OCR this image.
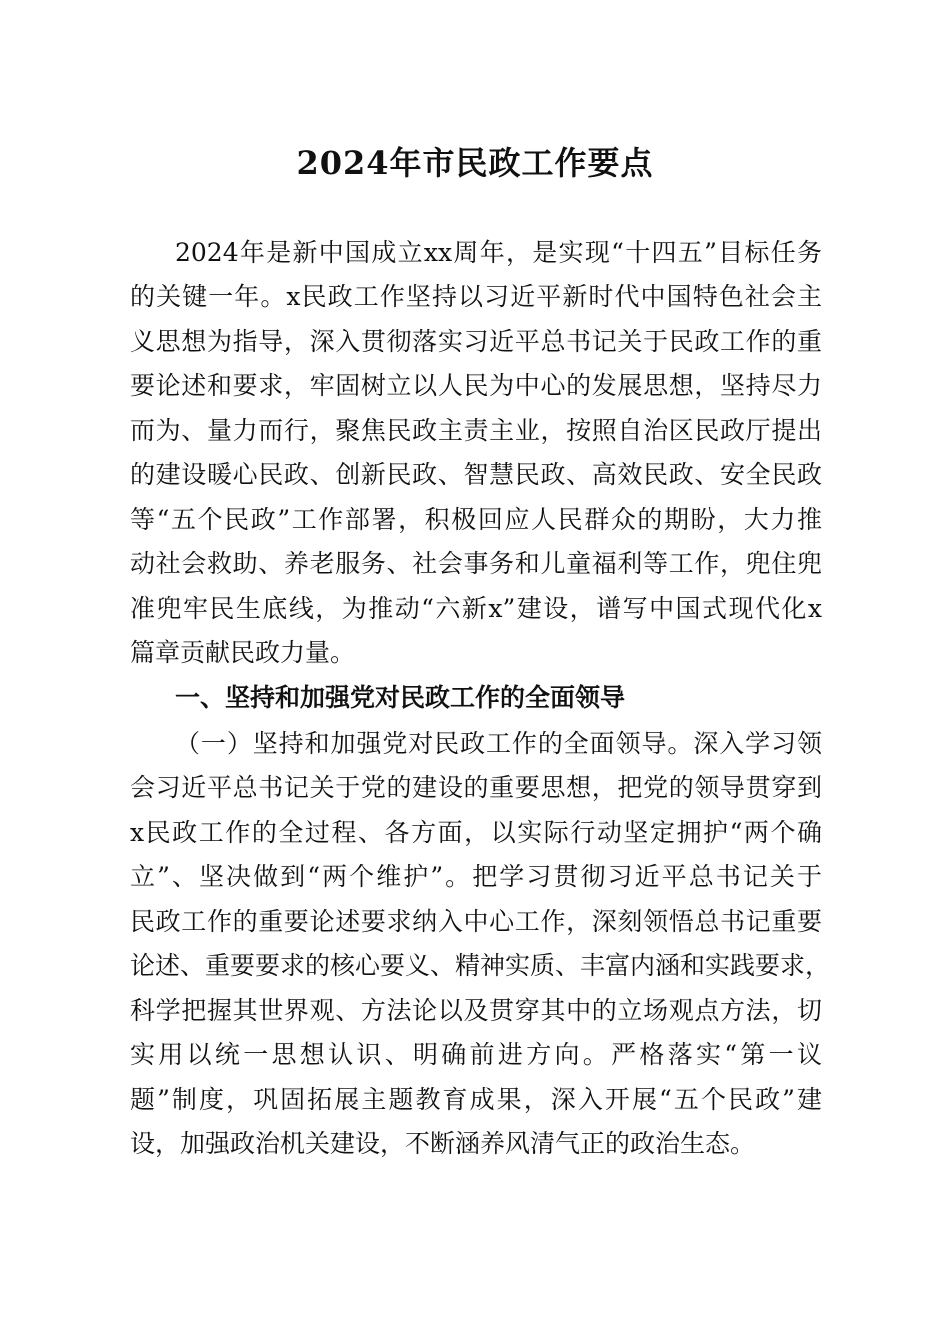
2024年市民政工作要点
2024年是新中国成立xx周年，是实现“十四五”目标任务
的关键一年。x民政工作坚持以习近平新时代中国特色社会主
义思想为指导，深入贯彻落实习近平总书记关于民政工作的重
要论述和要求，牢固树立以人民为中心的发展思想，坚持尽力
而为、量力而行，聚焦民政主责主业，按照自治区民政厅提出
的建设暖心民政、创新民政、智慧民政、高效民政、安全民政
等“五个民政”工作部署，积极回应人民群众的期盼，大力推
动社会救助、养老服务、社会事务和儿童福利等工作，兜住兜
准兜牢民生底线，为推动“六新x”建设，谱写中国式现代化x
篇章贡献民政力量。
一、坚持和加强党对民政工作的全面领导
（一）坚持和加强党对民政工作的全面领导。深入学习领
会习近平总书记关于党的建设的重要思想，把党的领导贯穿到
x民政工作的全过程、各方面，以实际行动坚定拥护“两个确
立”、坚决做到“两个维护”。把学习贯彻习近平总书记关于
民政工作的重要论述要求纳入中心工作，深刻领悟总书记重要
论述、重要要求的核心要义、精神实质、丰富内涵和实践要求，
科学把握其世界观、方法论以及贯穿其中的立场观点方法，切
实用以统一思想认识、明确前进方向。严格落实“第一议
题”制度，巩固拓展主题教育成果，深入开展“五个民政”建
设，加强政治机关建设，不断涵养风清气正的政治生态。
